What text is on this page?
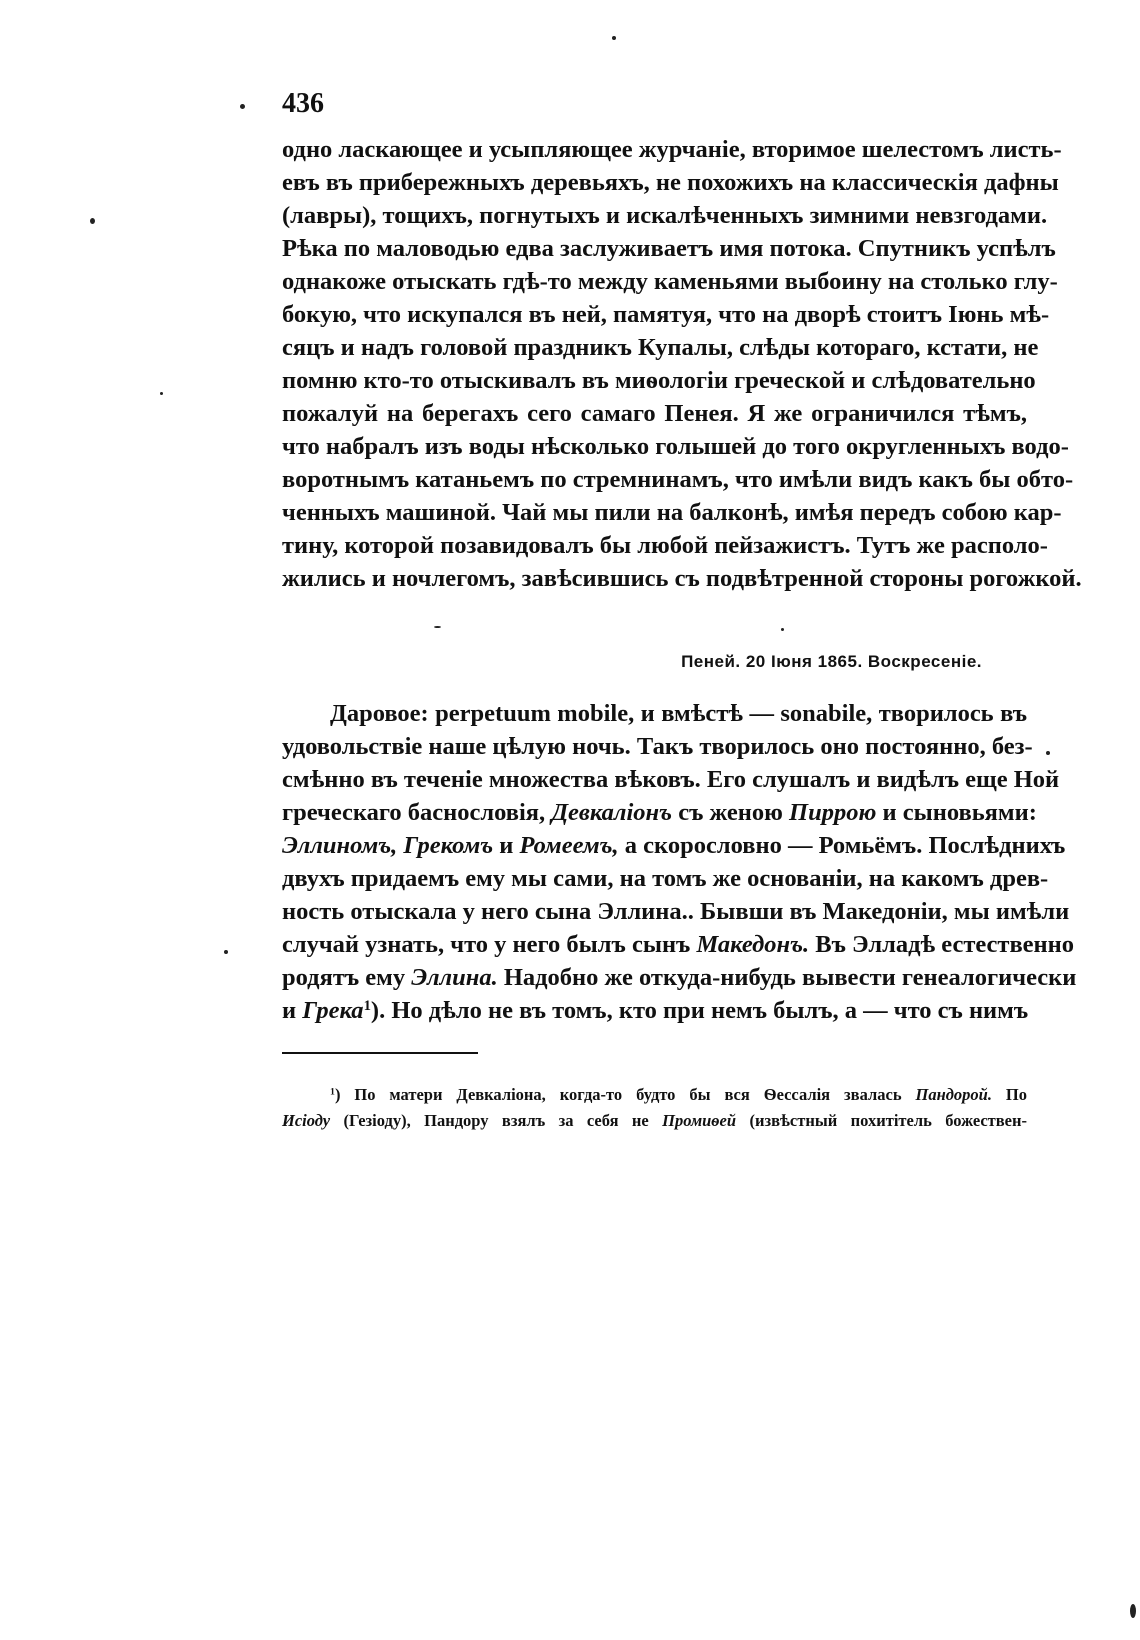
436
одно ласкающее и усыпляющее журчаніе, вторимое шелестомъ листь-
евъ въ прибережныхъ деревьяхъ, не похожихъ на классическія дафны
(лавры), тощихъ, погнутыхъ и искалѣченныхъ зимними невзгодами.
Рѣка по маловодью едва заслуживаетъ имя потока. Спутникъ успѣлъ
однакоже отыскать гдѣ-то между каменьями выбоину на столько глу-
бокую, что искупался въ ней, памятуя, что на дворѣ стоитъ Іюнь мѣ-
сяцъ и надъ головой праздникъ Купалы, слѣды котораго, кстати, не
помню кто-то отыскивалъ въ миѳологіи греческой и слѣдовательно
пожалуй на берегахъ сего самаго Пенея. Я же ограничился тѣмъ,
что набралъ изъ воды нѣсколько голышей до того округленныхъ водо-
воротнымъ катаньемъ по стремнинамъ, что имѣли видъ какъ бы обто-
ченныхъ машиной. Чай мы пили на балконѣ, имѣя передъ собою кар-
тину, которой позавидовалъ бы любой пейзажистъ. Тутъ же располо-
жились и ночлегомъ, завѣсившись съ подвѣтренной стороны рогожкой.
Пеней. 20 Іюня 1865. Воскресеніе.
Даровое: perpetuum mobile, и вмѣстѣ — sonabile, творилось въ
удовольствіе наше цѣлую ночь. Такъ творилось оно постоянно, без-
смѣнно въ теченіе множества вѣковъ. Его слушалъ и видѣлъ еще Ной
греческаго баснословія, Девкаліонъ съ женою Пиррою и сыновьями:
Эллиномъ, Грекомъ и Ромеемъ, а скорословно — Ромьёмъ. Послѣднихъ
двухъ придаемъ ему мы сами, на томъ же основаніи, на какомъ древ-
ность отыскала у него сына Эллина.. Бывши въ Македоніи, мы имѣли
случай узнать, что у него былъ сынъ Македонъ. Въ Элладѣ естественно
родятъ ему Эллина. Надобно же откуда-нибудь вывести генеалогически
и Грека$^1$). Но дѣло не въ томъ, кто при немъ былъ, а — что съ нимъ
$^1$) По матери Девкаліона, когда-то будто бы вся Ѳессалія звалась Пандорой. По
Исіоду (Гезіоду), Пандору взялъ за себя не Промиѳей (извѣстный похитітель божествен-
